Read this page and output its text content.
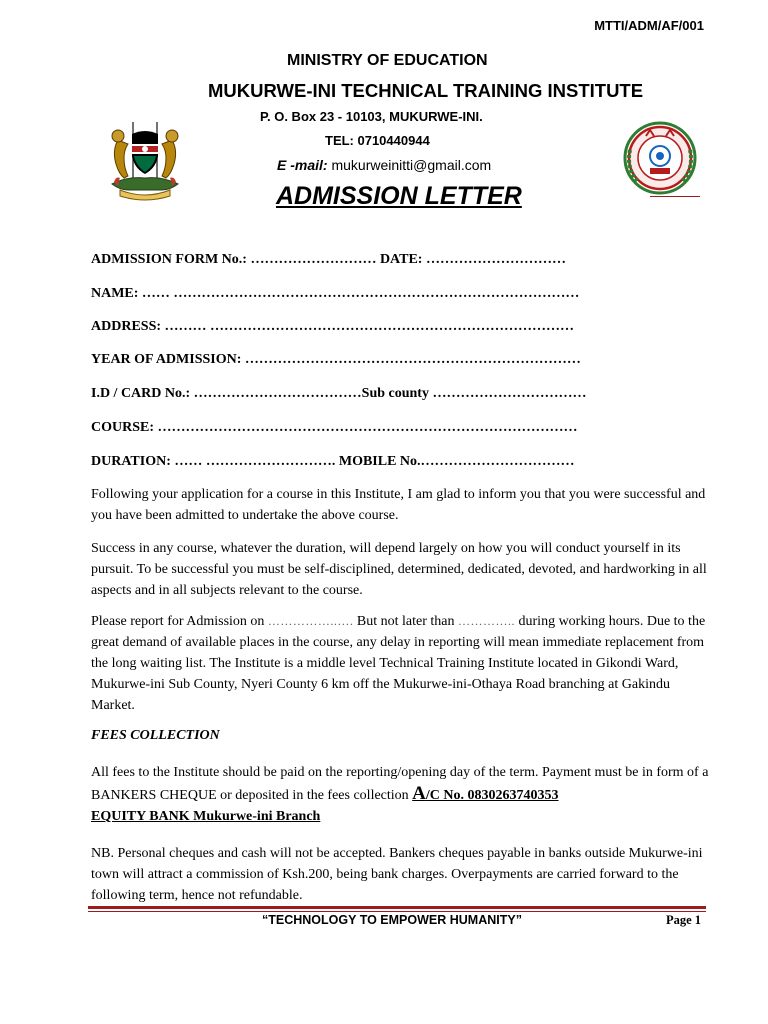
MTTI/ADM/AF/001
MINISTRY OF EDUCATION
MUKURWE-INI TECHNICAL TRAINING INSTITUTE
P. O. Box 23 - 10103, MUKURWE-INI.
TEL: 0710440944
E -mail: mukurweinitti@gmail.com
ADMISSION LETTER
ADMISSION FORM No.: ……………………… DATE: …………………………
NAME: …… ……………………………………………………………………………
ADDRESS: ……… ……………………………………………………………………
YEAR OF ADMISSION: ………………………………………………………………
I.D / CARD No.: ………………………………Sub county ……………………………
COURSE: ………………………………………………………………………………
DURATION: …… ………………………. MOBILE No.……………………………
Following your application for a course in this Institute, I am glad to inform you that you were successful and you have been admitted to undertake the above course.
Success in any course, whatever the duration, will depend largely on how you will conduct yourself in its pursuit. To be successful you must be self-disciplined, determined, dedicated, devoted, and hardworking in all aspects and in all subjects relevant to the course.
Please report for Admission on ……………..…. But not later than ………….. during working hours. Due to the great demand of available places in the course, any delay in reporting will mean immediate replacement from the long waiting list. The Institute is a middle level Technical Training Institute located in Gikondi Ward, Mukurwe-ini Sub County, Nyeri County 6 km off the Mukurwe-ini-Othaya Road branching at Gakindu Market.
FEES COLLECTION
All fees to the Institute should be paid on the reporting/opening day of the term. Payment must be in form of a BANKERS CHEQUE or deposited in the fees collection A/C No. 0830263740353
EQUITY BANK Mukurwe-ini Branch
NB. Personal cheques and cash will not be accepted. Bankers cheques payable in banks outside Mukurwe-ini town will attract a commission of Ksh.200, being bank charges. Overpayments are carried forward to the following term, hence not refundable.
“TECHNOLOGY TO EMPOWER HUMANITY”	Page 1
